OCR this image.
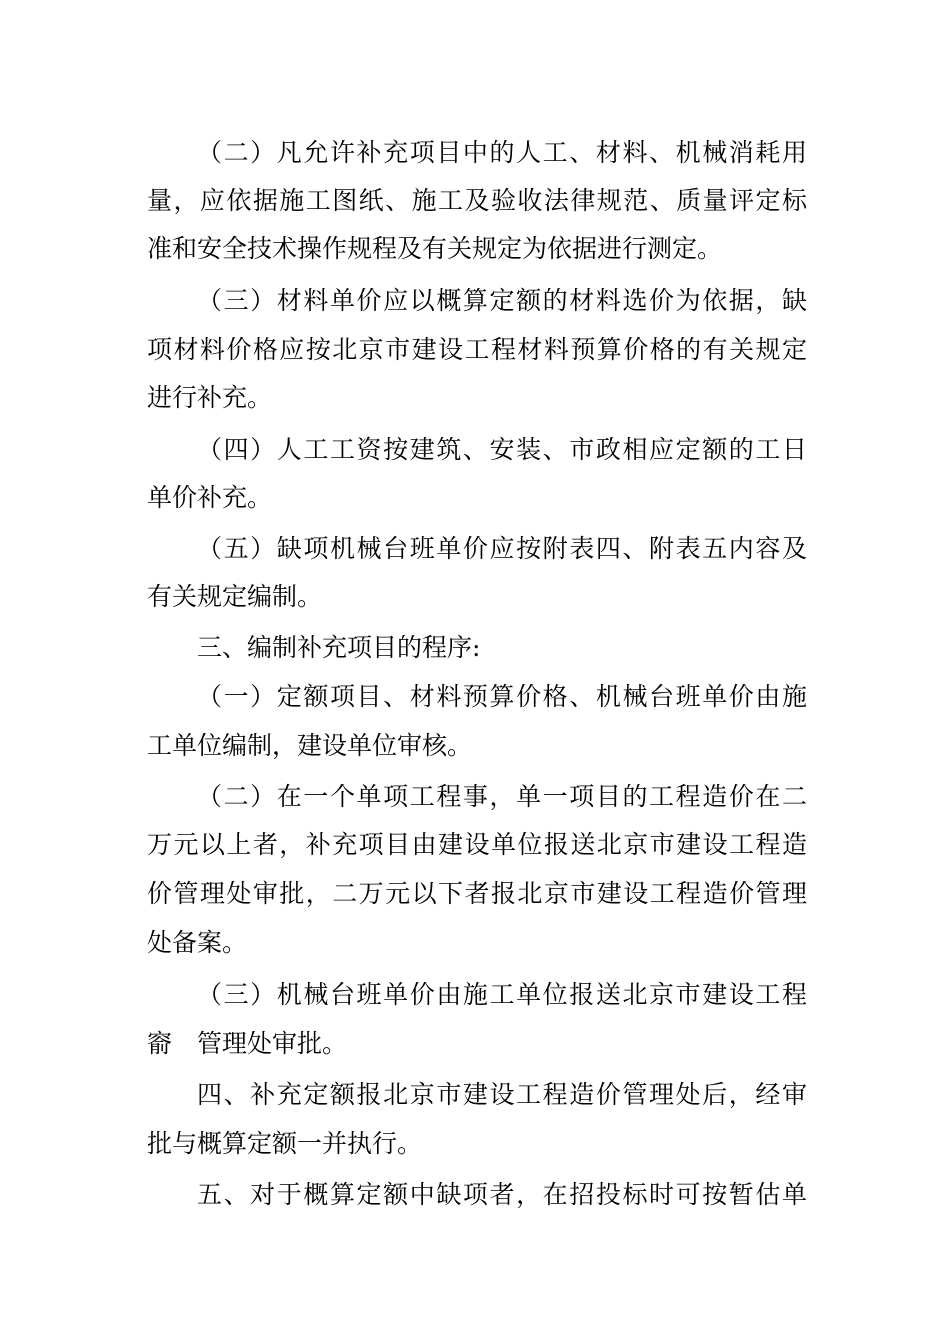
（二）凡允许补充项目中的人工、材料、机械消耗用
量，应依据施工图纸、施工及验收法律规范、质量评定标
准和安全技术操作规程及有关规定为依据进行测定。
（三）材料单价应以概算定额的材料选价为依据，缺
项材料价格应按北京市建设工程材料预算价格的有关规定
进行补充。
（四）人工工资按建筑、安装、市政相应定额的工日
单价补充。
（五）缺项机械台班单价应按附表四、附表五内容及
有关规定编制。
三、编制补充项目的程序:
（一）定额项目、材料预算价格、机械台班单价由施
工单位编制，建设单位审核。
（二）在一个单项工程事，单一项目的工程造价在二
万元以上者，补充项目由建设单位报送北京市建设工程造
价管理处审批，二万元以下者报北京市建设工程造价管理
处备案。
（三）机械台班单价由施工单位报送北京市建设工程
窬　管理处审批。
四、补充定额报北京市建设工程造价管理处后，经审
批与概算定额一并执行。
五、对于概算定额中缺项者，在招投标时可按暂估单
